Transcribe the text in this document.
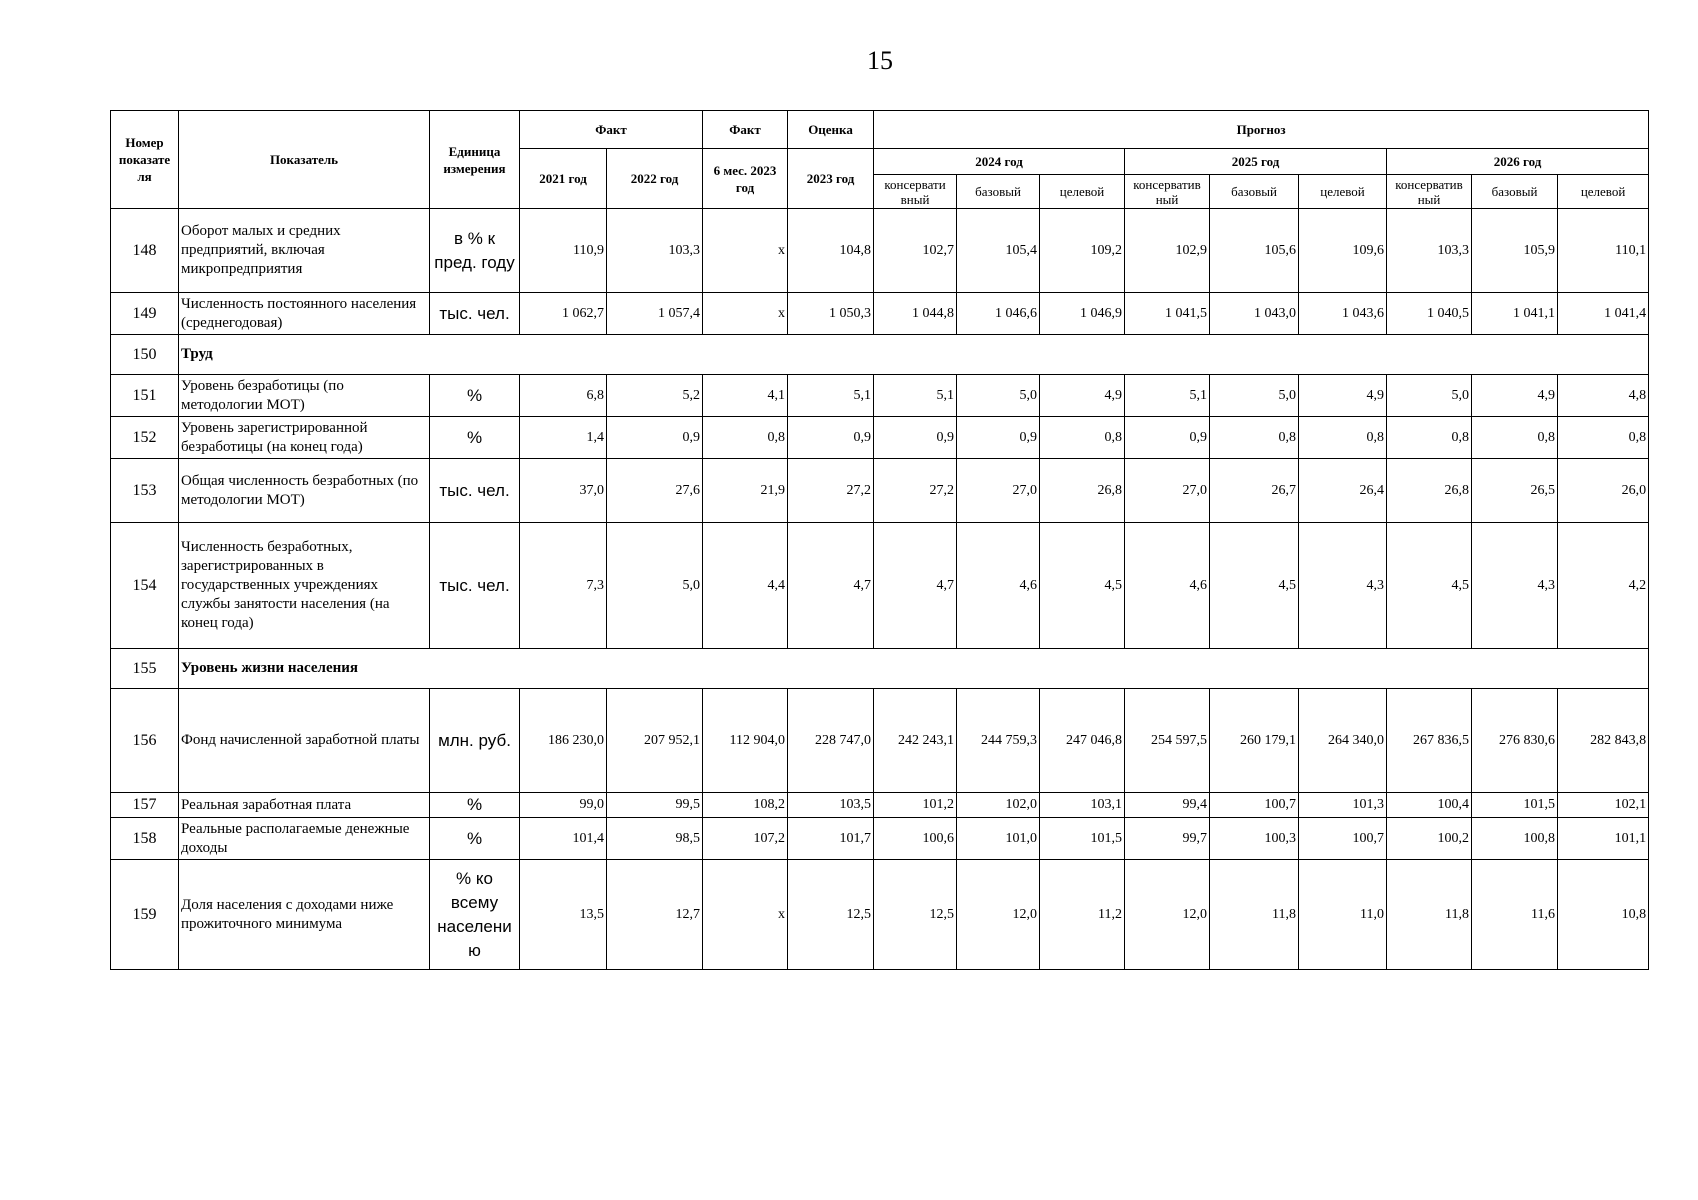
15
Номер показате ля	Показатель	Единица измерения	Факт		Факт	Оценка	Прогноз								
			2021 год	2022 год	6 мес. 2023 год	2023 год	2024 год			2025 год			2026 год		
							консервати вный	базовый	целевой	консерватив ный	базовый	целевой	консерватив ный	базовый	целевой
148	Оборот малых и средних предприятий, включая микропредприятия	в % к пред. году	110,9	103,3	х	104,8	102,7	105,4	109,2	102,9	105,6	109,6	103,3	105,9	110,1
149	Численность постоянного населения (среднегодовая)	тыс. чел.	1 062,7	1 057,4	х	1 050,3	1 044,8	1 046,6	1 046,9	1 041,5	1 043,0	1 043,6	1 040,5	1 041,1	1 041,4
150	Труд														
151	Уровень безработицы (по методологии МОТ)	%	6,8	5,2	4,1	5,1	5,1	5,0	4,9	5,1	5,0	4,9	5,0	4,9	4,8
152	Уровень зарегистрированной безработицы (на конец года)	%	1,4	0,9	0,8	0,9	0,9	0,9	0,8	0,9	0,8	0,8	0,8	0,8	0,8
153	Общая численность безработных (по методологии МОТ)	тыс. чел.	37,0	27,6	21,9	27,2	27,2	27,0	26,8	27,0	26,7	26,4	26,8	26,5	26,0
154	Численность безработных, зарегистрированных в государственных учреждениях службы занятости населения (на конец года)	тыс. чел.	7,3	5,0	4,4	4,7	4,7	4,6	4,5	4,6	4,5	4,3	4,5	4,3	4,2
155	Уровень жизни населения														
156	Фонд начисленной заработной платы	млн. руб.	186 230,0	207 952,1	112 904,0	228 747,0	242 243,1	244 759,3	247 046,8	254 597,5	260 179,1	264 340,0	267 836,5	276 830,6	282 843,8
157	Реальная заработная плата	%	99,0	99,5	108,2	103,5	101,2	102,0	103,1	99,4	100,7	101,3	100,4	101,5	102,1
158	Реальные располагаемые денежные доходы	%	101,4	98,5	107,2	101,7	100,6	101,0	101,5	99,7	100,3	100,7	100,2	100,8	101,1
159	Доля населения с доходами ниже прожиточного минимума	% ко всему населени ю	13,5	12,7	х	12,5	12,5	12,0	11,2	12,0	11,8	11,0	11,8	11,6	10,8
